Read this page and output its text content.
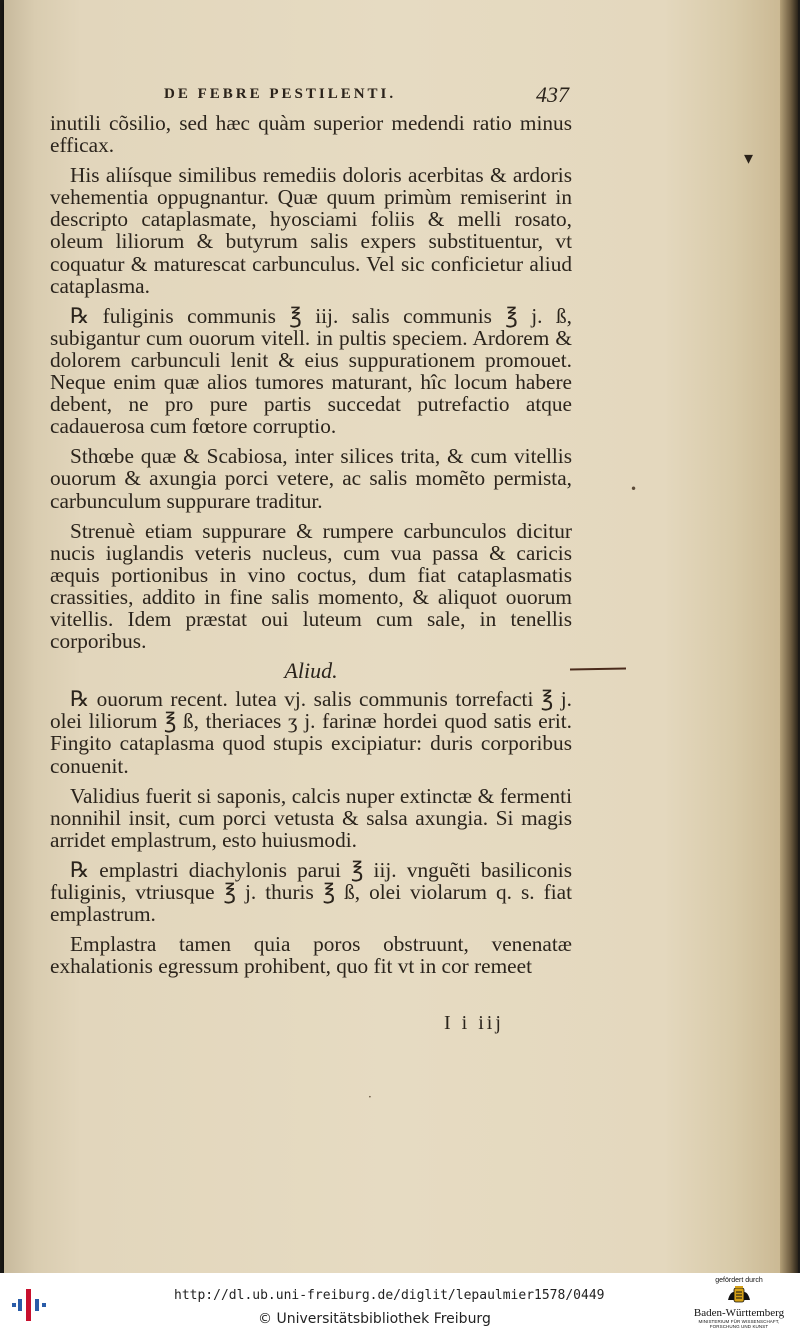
DE FEBRE PESTILENTI.	437
▾
•
·

inutili cõsilio, sed hæc quàm superior medendi ratio minus efficax.

His aliísque similibus remediis doloris acerbitas & ardoris vehementia oppugnantur. Quæ quum primùm remiserint in descripto cataplasmate, hyosciami foliis & melli rosato, oleum liliorum & butyrum salis expers substituentur, vt coquatur & maturescat carbunculus. Vel sic conficietur aliud cataplasma.

℞ fuliginis communis ℥ iij. salis communis ℥ j. ß, subigantur cum ouorum vitell. in pultis speciem. Ardorem & dolorem carbunculi lenit & eius suppurationem promouet. Neque enim quæ alios tumores maturant, hîc locum habere debent, ne pro pure partis succedat putrefactio atque cadauerosa cum fœtore corruptio.

Sthœbe quæ & Scabiosa, inter silices trita, & cum vitellis ouorum & axungia porci vetere, ac salis momẽto permista, carbunculum suppurare traditur.

Strenuè etiam suppurare & rumpere carbunculos dicitur nucis iuglandis veteris nucleus, cum vua passa & caricis æquis portionibus in vino coctus, dum fiat cataplasmatis crassities, addito in fine salis momento, & aliquot ouorum vitellis. Idem præstat oui luteum cum sale, in tenellis corporibus.

Aliud.

℞ ouorum recent. lutea vj. salis communis torrefacti ℥ j. olei liliorum ℥ ß, theriaces ʒ j. farinæ hordei quod satis erit. Fingito cataplasma quod stupis excipiatur: duris corporibus conuenit.

Validius fuerit si saponis, calcis nuper extinctæ & fermenti nonnihil insit, cum porci vetusta & salsa axungia. Si magis arridet emplastrum, esto huiusmodi.

℞ emplastri diachylonis parui ℥ iij. vnguẽti basiliconis fuliginis, vtriusque ℥ j. thuris ℥ ß, olei violarum q. s. fiat emplastrum.

Emplastra tamen quia poros obstruunt, venenatæ exhalationis egressum prohibent, quo fit vt in cor remeet

I i iij
http://dl.ub.uni-freiburg.de/diglit/lepaulmier1578/0449
© Universitätsbibliothek Freiburg
gefördert durch
Baden-Württemberg
MINISTERIUM FÜR WISSENSCHAFT, FORSCHUNG UND KUNST
